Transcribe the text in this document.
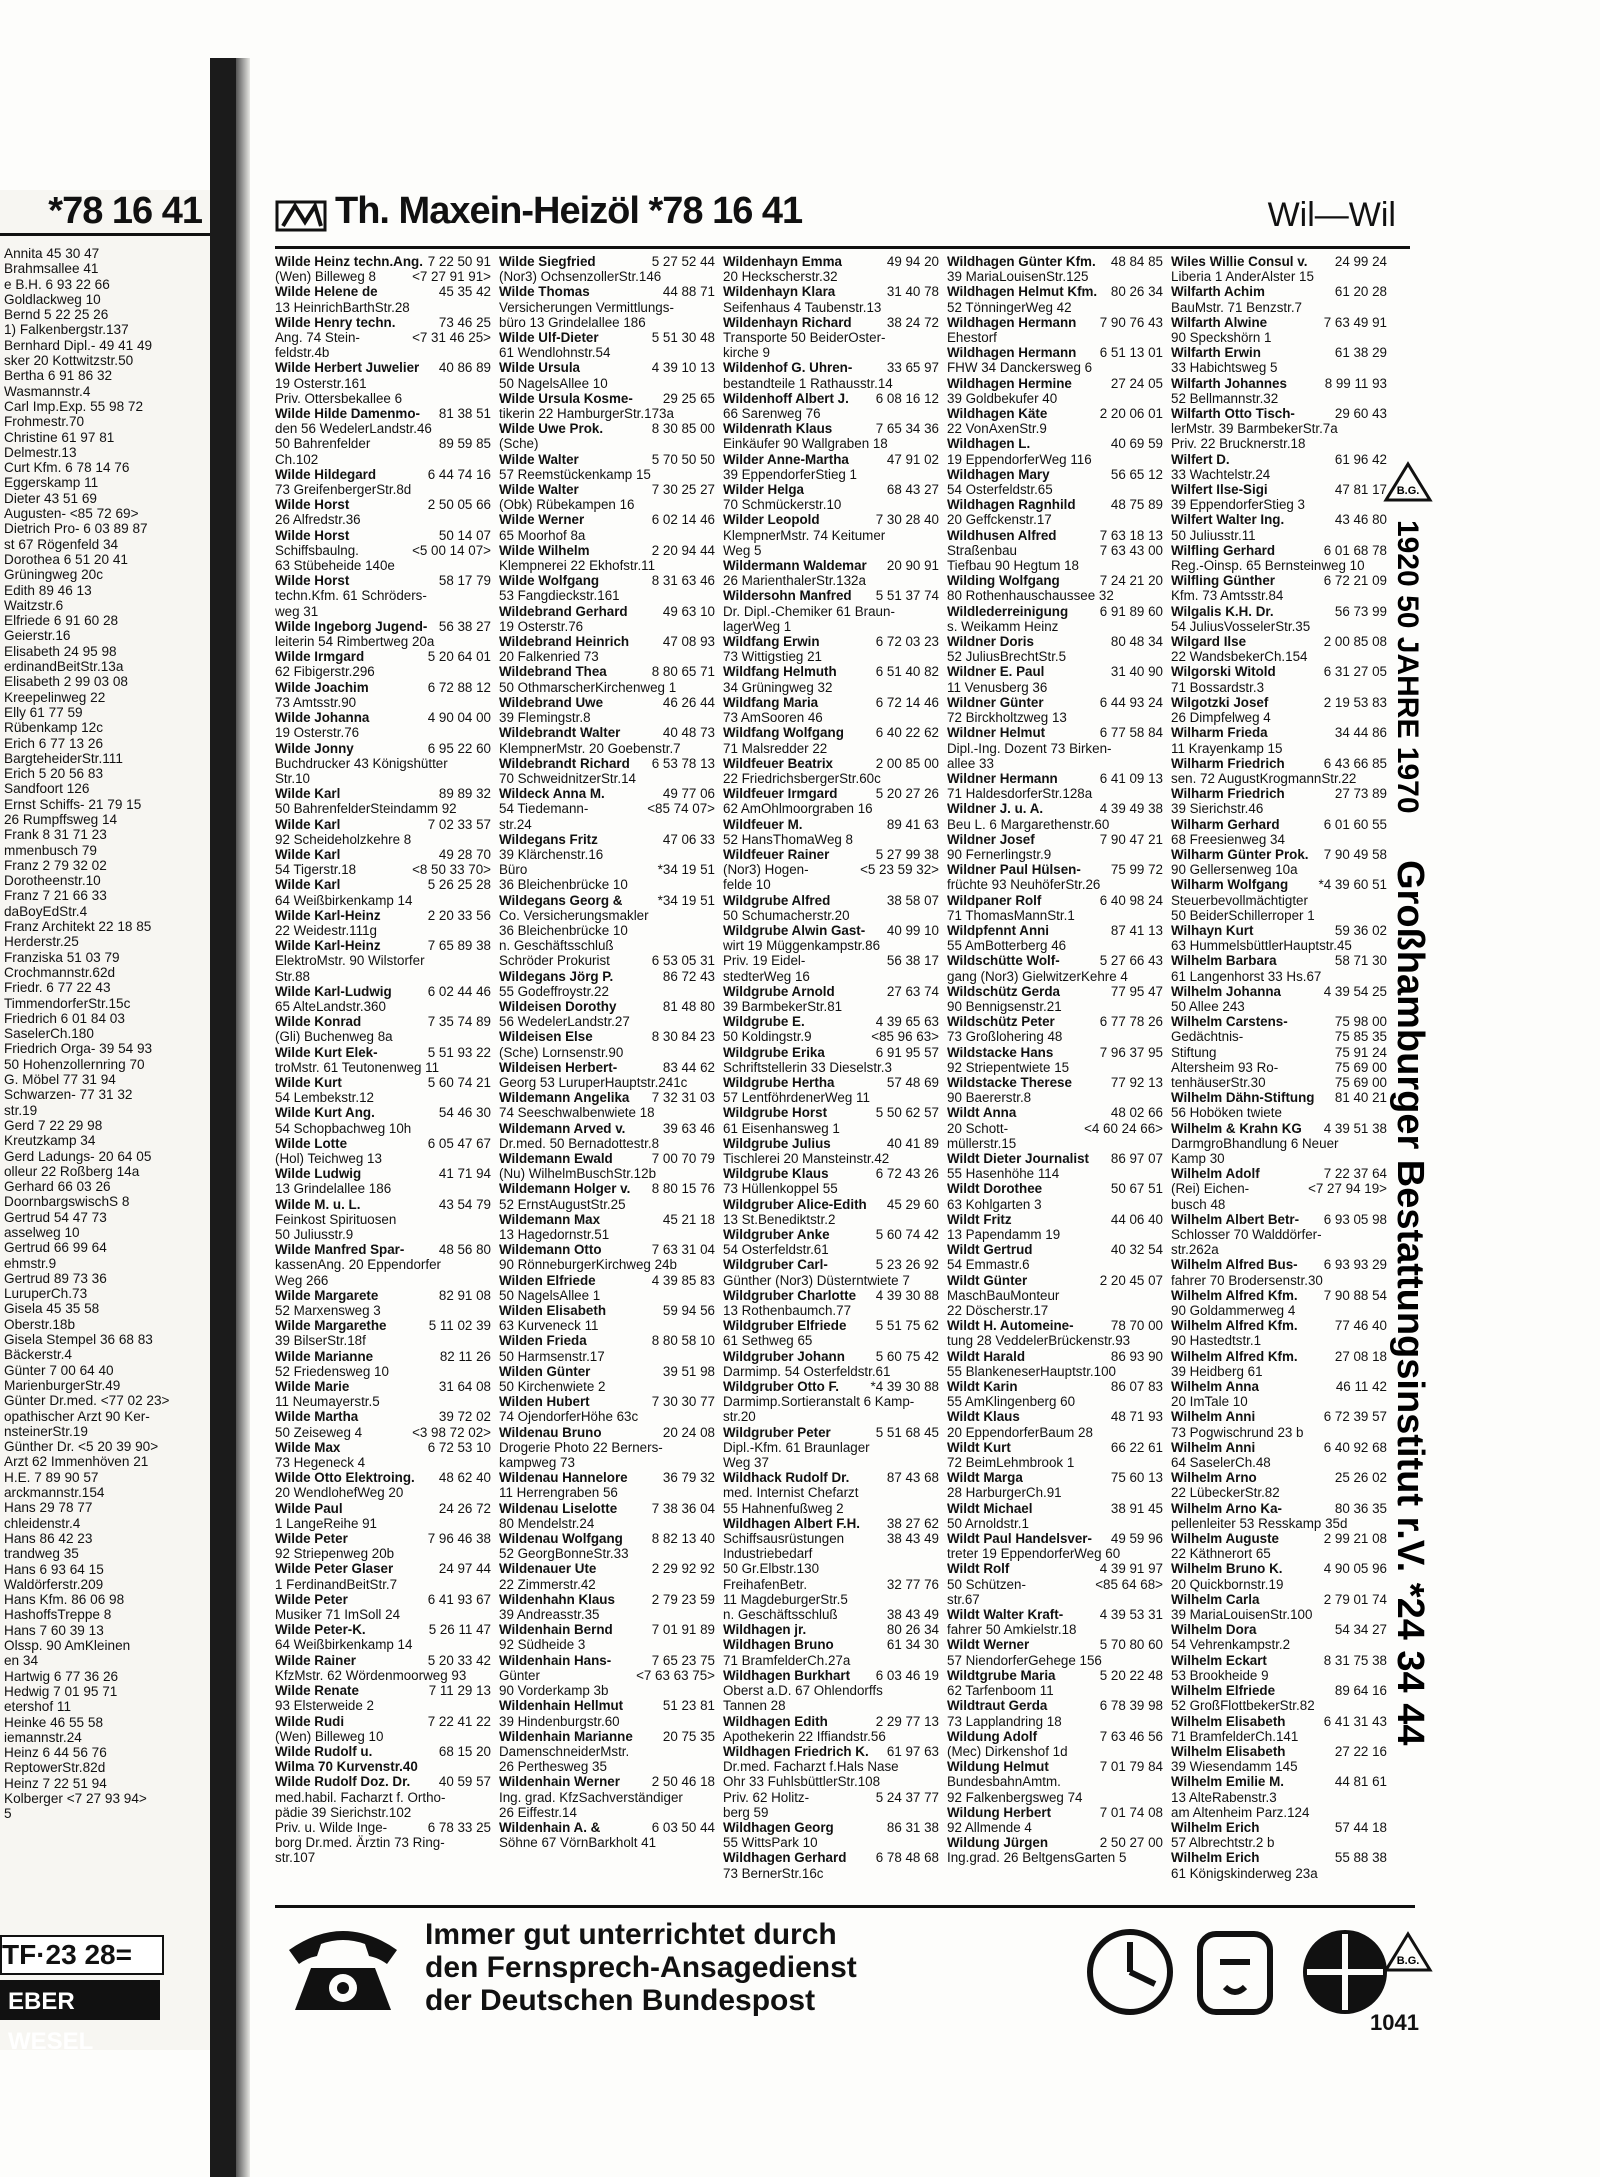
*78 16 41
Annita 45 30 47
Brahmsallee 41
e B.H. 6 93 22 66
Goldlackweg 10
Bernd 5 22 25 26
1) Falkenbergstr.137
Bernhard Dipl.- 49 41 49
sker 20 Kottwitzstr.50
Bertha 6 91 86 32
Wasmannstr.4
Carl Imp.Exp. 55 98 72
Frohmestr.70
Christine 61 97 81
Delmestr.13
Curt Kfm. 6 78 14 76
Eggerskamp 11
Dieter 43 51 69
Augusten- <85 72 69>
Dietrich Pro- 6 03 89 87
st 67 Rögenfeld 34
Dorothea 6 51 20 41
Grüningweg 20c
Edith 89 46 13
Waitzstr.6
Elfriede 6 91 60 28
Geierstr.16
Elisabeth 24 95 98
erdinandBeitStr.13a
Elisabeth 2 99 03 08
Kreepelinweg 22
Elly 61 77 59
Rübenkamp 12c
Erich 6 77 13 26
BargteheiderStr.111
Erich 5 20 56 83
Sandfoort 126
Ernst Schiffs- 21 79 15
26 Rumpffsweg 14
Frank 8 31 71 23
mmenbusch 79
Franz 2 79 32 02
Dorotheenstr.10
Franz 7 21 66 33
daBoyEdStr.4
Franz Architekt 22 18 85
Herderstr.25
Franziska 51 03 79
Crochmannstr.62d
Friedr. 6 77 22 43
TimmendorferStr.15c
Friedrich 6 01 84 03
SaselerCh.180
Friedrich Orga- 39 54 93
50 Hohenzollernring 70
G. Möbel 77 31 94
Schwarzen- 77 31 32
str.19
Gerd 7 22 29 98
Kreutzkamp 34
Gerd Ladungs- 20 64 05
olleur 22 Roßberg 14a
Gerhard 66 03 26
DoornbargswischS 8
Gertrud 54 47 73
asselweg 10
Gertrud 66 99 64
ehmstr.9
Gertrud 89 73 36
LuruperCh.73
Gisela 45 35 58
Oberstr.18b
Gisela Stempel 36 68 83
Bäckerstr.4
Günter 7 00 64 40
MarienburgerStr.49
Günter Dr.med. <77 02 23>
opathischer Arzt 90 Ker-
nsteinerStr.19
Günther Dr. <5 20 39 90>
Arzt 62 Immenhöven 21
H.E. 7 89 90 57
arckmannstr.154
Hans 29 78 77
chleidenstr.4
Hans 86 42 23
trandweg 35
Hans 6 93 64 15
Waldörferstr.209
Hans Kfm. 86 06 98
HashoffsTreppe 8
Hans 7 60 39 13
Olssp. 90 AmKleinen
en 34
Hartwig 6 77 36 26
Hedwig 7 01 95 71
etershof 11
Heinke 46 55 58
iemannstr.24
Heinz 6 44 56 76
ReptowerStr.82d
Heinz 7 22 51 94
Kolberger <7 27 93 94>
5
TF·23 28=
EBER WESEL
Th. Maxein-Heizöl *78 16 41	Wil—Wil
Wilde Heinz techn.Ang. 7 22 50 91
(Wen) Billeweg 8	<7 27 91 91>
Wilde Helene de	45 35 42
13 HeinrichBarthStr.28
Wilde Henry techn.	73 46 25
Ang. 74 Stein-	<7 31 46 25>
feldstr.4b
Wilde Herbert Juwelier 40 86 89
19 Osterstr.161
Priv. Ottersbekallee 6
Wilde Hilde Damenmo- 81 38 51
den 56 WedelerLandstr.46
50 Bahrenfelder	89 59 85
Ch.102
Wilde Hildegard	6 44 74 16
73 GreifenbergerStr.8d
Wilde Horst	2 50 05 66
26 Alfredstr.36
Wilde Horst	50 14 07
Schiffsbaulng.	<5 00 14 07>
63 Stübeheide 140e
Wilde Horst	58 17 79
techn.Kfm. 61 Schröders-
weg 31
Wilde Ingeborg Jugend- 56 38 27
leiterin 54 Rimbertweg 20a
Wilde Irmgard	5 20 64 01
62 Fibigerstr.296
Wilde Joachim	6 72 88 12
73 Amtsstr.90
Wilde Johanna	4 90 04 00
19 Osterstr.76
Wilde Jonny	6 95 22 60
Buchdrucker 43 Königshütter
Str.10
Wilde Karl	89 89 32
50 BahrenfelderSteindamm 92
Wilde Karl	7 02 33 57
92 Scheideholzkehre 8
Wilde Karl	49 28 70
54 Tigerstr.18	<8 50 33 70>
Wilde Karl	5 26 25 28
64 Weißbirkenkamp 14
Wilde Karl-Heinz	2 20 33 56
22 Weidestr.111g
Wilde Karl-Heinz	7 65 89 38
ElektroMstr. 90 Wilstorfer
Str.88
Wilde Karl-Ludwig	6 02 44 46
65 AlteLandstr.360
Wilde Konrad	7 35 74 89
(Gli) Buchenweg 8a
Wilde Kurt Elek-	5 51 93 22
troMstr. 61 Teutonenweg 11
Wilde Kurt	5 60 74 21
54 Lembekstr.12
Wilde Kurt Ang.	54 46 30
54 Schopbachweg 10h
Wilde Lotte	6 05 47 67
(Hol) Teichweg 13
Wilde Ludwig	41 71 94
13 Grindelallee 186
Wilde M. u. L.	43 54 79
Feinkost Spirituosen
50 Juliusstr.9
Wilde Manfred Spar-	48 56 80
kassenAng. 20 Eppendorfer
Weg 266
Wilde Margarete	82 91 08
52 Marxensweg 3
Wilde Margarethe	5 11 02 39
39 BilserStr.18f
Wilde Marianne	82 11 26
52 Friedensweg 10
Wilde Marie	31 64 08
11 Neumayerstr.5
Wilde Martha	39 72 02
50 Zeiseweg 4	<3 98 72 02>
Wilde Max	6 72 53 10
73 Hegeneck 4
Wilde Otto Elektroing. 48 62 40
20 WendlohefWeg 20
Wilde Paul	24 26 72
1 LangeReihe 91
Wilde Peter	7 96 46 38
92 Striepenweg 20b
Wilde Peter Glaser	24 97 44
1 FerdinandBeitStr.7
Wilde Peter	6 41 93 67
Musiker 71 ImSoll 24
Wilde Peter-K.	5 26 11 47
64 Weißbirkenkamp 14
Wilde Rainer	5 20 33 42
KfzMstr. 62 Wördenmoorweg 93
Wilde Renate	7 11 29 13
93 Elsterweide 2
Wilde Rudi	7 22 41 22
(Wen) Billeweg 10
Wilde Rudolf u.	68 15 20
Wilma 70 Kurvenstr.40
Wilde Rudolf Doz. Dr. 40 59 57
med.habil. Facharzt f. Ortho-
pädie 39 Sierichstr.102
Priv. u. Wilde Inge-	6 78 33 25
borg Dr.med. Ärztin 73 Ring-
str.107
Wilde Siegfried	5 27 52 44
(Nor3) OchsenzollerStr.146
Wilde Thomas	44 88 71
Versicherungen Vermittlungs-
büro 13 Grindelallee 186
Wilde Ulf-Dieter	5 51 30 48
61 Wendlohnstr.54
Wilde Ursula	4 39 10 13
50 NagelsAllee 10
Wilde Ursula Kosme- 29 25 65
tikerin 22 HamburgerStr.173a
Wilde Uwe Prok.	8 30 85 00
(Sche)
Wilde Walter	5 70 50 50
57 Reemstückenkamp 15
Wilde Walter	7 30 25 27
(Obk) Rübekampen 16
Wilde Werner	6 02 14 46
65 Moorhof 8a
Wilde Wilhelm	2 20 94 44
Klempnerei 22 Ekhofstr.11
Wilde Wolfgang	8 31 63 46
53 Fangdieckstr.161
Wildebrand Gerhard	49 63 10
19 Osterstr.76
Wildebrand Heinrich	47 08 93
20 Falkenried 73
Wildebrand Thea	8 80 65 71
50 OthmarscherKirchenweg 1
Wildebrand Uwe	46 26 44
39 Flemingstr.8
Wildebrandt Walter	40 48 73
KlempnerMstr. 20 Goebenstr.7
Wildebrandt Richard 6 53 78 13
70 SchweidnitzerStr.14
Wildeck Anna M.	49 77 06
54 Tiedemann-	<85 74 07>
str.24
Wildegans Fritz	47 06 33
39 Klärchenstr.16
Büro	*34 19 51
36 Bleichenbrücke 10
Wildegans Georg &	*34 19 51
Co. Versicherungsmakler
36 Bleichenbrücke 10
n. Geschäftsschluß
Schröder Prokurist	6 53 05 31
Wildegans Jörg P.	86 72 43
55 Godeffroystr.22
Wildeisen Dorothy	81 48 80
56 WedelerLandstr.27
Wildeisen Else	8 30 84 23
(Sche) Lornsenstr.90
Wildeisen Herbert-	83 44 62
Georg 53 LuruperHauptstr.241c
Wildemann Angelika 7 32 31 03
74 Seeschwalbenwiete 18
Wildemann Arved v.	39 63 46
Dr.med. 50 Bernadottestr.8
Wildemann Ewald	7 00 70 79
(Nu) WilhelmBuschStr.12b
Wildemann Holger v. 8 80 15 76
52 ErnstAugustStr.25
Wildemann Max	45 21 18
13 Hagedornstr.51
Wildemann Otto	7 63 31 04
90 RönneburgerKirchweg 24b
Wilden Elfriede	4 39 85 83
50 NagelsAllee 1
Wilden Elisabeth	59 94 56
63 Kurveneck 11
Wilden Frieda	8 80 58 10
50 Harmsenstr.17
Wilden Günter	39 51 98
50 Kirchenwiete 2
Wilden Hubert	7 30 30 77
74 OjendorferHöhe 63c
Wildenau Bruno	20 24 08
Drogerie Photo 22 Berners-
kampweg 73
Wildenau Hannelore	36 79 32
11 Herrengraben 56
Wildenau Liselotte	7 38 36 04
80 Mendelstr.24
Wildenau Wolfgang 8 82 13 40
52 GeorgBonneStr.33
Wildenauer Ute	2 29 92 92
22 Zimmerstr.42
Wildenhahn Klaus	2 79 23 59
39 Andreasstr.35
Wildenhain Bernd	7 01 91 89
92 Südheide 3
Wildenhain Hans-	7 65 23 75
Günter	<7 63 63 75>
90 Vorderkamp 3b
Wildenhain Hellmut	51 23 81
39 Hindenburgstr.60
Wildenhain Marianne 20 75 35
DamenschneiderMstr.
26 Perthesweg 35
Wildenhain Werner 2 50 46 18
Ing. grad. KfzSachverständiger
26 Eiffestr.14
Wildenhain A. &	6 03 50 44
Söhne 67 VörnBarkholt 41
Wildenhayn Emma	49 94 20
20 Heckscherstr.32
Wildenhayn Klara	31 40 78
Seifenhaus 4 Taubenstr.13
Wildenhayn Richard	38 24 72
Transporte 50 BeiderOster-
kirche 9
Wildenhof G. Uhren-	33 65 97
bestandteile 1 Rathausstr.14
Wildenhoff Albert J. 6 08 16 12
66 Sarenweg 76
Wildenrath Klaus	7 65 34 36
Einkäufer 90 Wallgraben 18
Wilder Anne-Martha	47 91 02
39 EppendorferStieg 1
Wilder Helga	68 43 27
70 Schmückerstr.10
Wilder Leopold	7 30 28 40
KlempnerMstr. 74 Keitumer
Weg 5
Wildermann Waldemar 20 90 91
26 MarienthalerStr.132a
Wildersohn Manfred 5 51 37 74
Dr. Dipl.-Chemiker 61 Braun-
lagerWeg 1
Wildfang Erwin	6 72 03 23
73 Wittigstieg 21
Wildfang Helmuth	6 51 40 82
34 Grüningweg 32
Wildfang Maria	6 72 14 46
73 AmSooren 46
Wildfang Wolfgang 6 40 22 62
71 Malsredder 22
Wildfeuer Beatrix	2 00 85 00
22 FriedrichsbergerStr.60c
Wildfeuer Irmgard	5 20 27 26
62 AmOhlmoorgraben 16
Wildfeuer M.	89 41 63
52 HansThomaWeg 8
Wildfeuer Rainer	5 27 99 38
(Nor3) Hogen-	<5 23 59 32>
felde 10
Wildgrube Alfred	38 58 07
50 Schumacherstr.20
Wildgrube Alwin Gast- 40 99 10
wirt 19 Müggenkampstr.86
Priv. 19 Eidel-	56 38 17
stedterWeg 16
Wildgrube Arnold	27 63 74
39 BarmbekerStr.81
Wildgrube E.	4 39 65 63
50 Koldingstr.9	<85 96 63>
Wildgrube Erika	6 91 95 57
Schriftstellerin 33 Dieselstr.3
Wildgrube Hertha	57 48 69
57 LentföhrdenerWeg 11
Wildgrube Horst	5 50 62 57
61 Eisenhansweg 1
Wildgrube Julius	40 41 89
Tischlerei 20 Mansteinstr.42
Wildgrube Klaus	6 72 43 26
73 Hüllenkoppel 55
Wildgruber Alice-Edith 45 29 60
13 St.Benediktstr.2
Wildgruber Anke	5 60 74 42
54 Osterfeldstr.61
Wildgruber Carl-	5 23 26 92
Günther (Nor3) Düsterntwiete 7
Wildgruber Charlotte 4 39 30 88
13 Rothenbaumch.77
Wildgruber Elfriede 5 51 75 62
61 Sethweg 65
Wildgruber Johann 5 60 75 42
Darmimp. 54 Osterfeldstr.61
Wildgruber Otto F. *4 39 30 88
Darmimp.Sortieranstalt 6 Kamp-
str.20
Wildgruber Peter	5 51 68 45
Dipl.-Kfm. 61 Braunlager
Weg 37
Wildhack Rudolf Dr.	87 43 68
med. Internist Chefarzt
55 Hahnenfußweg 2
Wildhagen Albert F.H. 38 27 62
Schiffsausrüstungen	38 43 49
Industriebedarf
50 Gr.Elbstr.130
FreihafenBetr.	32 77 76
11 MagdeburgerStr.5
n. Geschäftsschluß	38 43 49
Wildhagen jr.	80 26 34
Wildhagen Bruno	61 34 30
71 BramfelderCh.27a
Wildhagen Burkhart 6 03 46 19
Oberst a.D. 67 Ohlendorffs
Tannen 28
Wildhagen Edith	2 29 77 13
Apothekerin 22 Iffiandstr.56
Wildhagen Friedrich K. 61 97 63
Dr.med. Facharzt f.Hals Nase
Ohr 33 FuhlsbüttlerStr.108
Priv. 62 Holitz-	5 24 37 77
berg 59
Wildhagen Georg	86 31 38
55 WittsPark 10
Wildhagen Gerhard 6 78 48 68
73 BernerStr.16c
Wildhagen Günter Kfm. 48 84 85
39 MariaLouisenStr.125
Wildhagen Helmut Kfm. 80 26 34
52 TönningerWeg 42
Wildhagen Hermann 7 90 76 43
Ehestorf
Wildhagen Hermann 6 51 13 01
FHW 34 Danckersweg 6
Wildhagen Hermine	27 24 05
39 Goldbekufer 40
Wildhagen Käte	2 20 06 01
22 VonAxenStr.9
Wildhagen L.	40 69 59
19 EppendorferWeg 116
Wildhagen Mary	56 65 12
54 Osterfeldstr.65
Wildhagen Ragnhild	48 75 89
20 Geffckenstr.17
Wildhusen Alfred	7 63 18 13
Straßenbau	7 63 43 00
Tiefbau 90 Hegtum 18
Wilding Wolfgang	7 24 21 20
80 Rothenhauschaussee 32
Wildlederreinigung 6 91 89 60
s. Weikamm Heinz
Wildner Doris	80 48 34
52 JuliusBrechtStr.5
Wildner E. Paul	31 40 90
11 Venusberg 36
Wildner Günter	6 44 93 24
72 Birckholtzweg 13
Wildner Helmut	6 77 58 84
Dipl.-Ing. Dozent 73 Birken-
allee 33
Wildner Hermann	6 41 09 13
71 HaldesdorferStr.128a
Wildner J. u. A.	4 39 49 38
Beu L. 6 Margarethenstr.60
Wildner Josef	7 90 47 21
90 Fernerlingstr.9
Wildner Paul Hülsen- 75 99 72
früchte 93 NeuhöferStr.26
Wildpaner Rolf	6 40 98 24
71 ThomasMannStr.1
Wildpfennt Anni	87 41 13
55 AmBotterberg 46
Wildschütte Wolf-	5 27 66 43
gang (Nor3) GielwitzerKehre 4
Wildschütz Gerda	77 95 47
90 Bennigsenstr.21
Wildschütz Peter	6 77 78 26
73 Großlohering 48
Wildstacke Hans	7 96 37 95
92 Striepentwiete 15
Wildstacke Therese	77 92 13
90 Baererstr.8
Wildt Anna	48 02 66
20 Schott-	<4 60 24 66>
müllerstr.15
Wildt Dieter Journalist 86 97 07
55 Hasenhöhe 114
Wildt Dorothee	50 67 51
63 Kohlgarten 3
Wildt Fritz	44 06 40
13 Papendamm 19
Wildt Gertrud	40 32 54
54 Emmastr.6
Wildt Günter	2 20 45 07
MaschBauMonteur
22 Döscherstr.17
Wildt H. Automeine-	78 70 00
tung 28 VeddelerBrückenstr.93
Wildt Harald	86 93 90
55 BlankeneserHauptstr.100
Wildt Karin	86 07 83
55 AmKlingenberg 60
Wildt Klaus	48 71 93
20 EppendorferBaum 28
Wildt Kurt	66 22 61
72 BeimLehmbrook 1
Wildt Marga	75 60 13
28 HarburgerCh.91
Wildt Michael	38 91 45
50 Arnoldstr.1
Wildt Paul Handelsver- 49 59 96
treter 19 EppendorferWeg 60
Wildt Rolf	4 39 91 97
50 Schützen-	<85 64 68>
str.67
Wildt Walter Kraft-	4 39 53 31
fahrer 50 Amkielstr.18
Wildt Werner	5 70 80 60
57 NiendorferGehege 156
Wildtgrube Maria	5 20 22 48
62 Tarfenboom 11
Wildtraut Gerda	6 78 39 98
73 Lapplandring 18
Wildung Adolf	7 63 46 56
(Mec) Dirkenshof 1d
Wildung Helmut	7 01 79 84
BundesbahnAmtm.
92 Falkenbergsweg 74
Wildung Herbert	7 01 74 08
92 Allmende 4
Wildung Jürgen	2 50 27 00
Ing.grad. 26 BeltgensGarten 5
Wiles Willie Consul v. 24 99 24
Liberia 1 AnderAlster 15
Wilfarth Achim	61 20 28
BauMstr. 71 Benzstr.7
Wilfarth Alwine	7 63 49 91
90 Speckshörn 1
Wilfarth Erwin	61 38 29
33 Habichtsweg 5
Wilfarth Johannes	8 99 11 93
52 Bellmannstr.32
Wilfarth Otto Tisch-	29 60 43
lerMstr. 39 BarmbekerStr.7a
Priv. 22 Brucknerstr.18
Wilfert D.	61 96 42
33 Wachtelstr.24
Wilfert Ilse-Sigi	47 81 17
39 EppendorferStieg 3
Wilfert Walter Ing.	43 46 80
50 Juliusstr.11
Wilfling Gerhard	6 01 68 78
Reg.-Oinsp. 65 Bernsteinweg 10
Wilfling Günther	6 72 21 09
Kfm. 73 Amtsstr.84
Wilgalis K.H. Dr.	56 73 99
54 JuliusVosselerStr.35
Wilgard Ilse	2 00 85 08
22 WandsbekerCh.154
Wilgorski Witold	6 31 27 05
71 Bossardstr.3
Wilgotzki Josef	2 19 53 83
26 Dimpfelweg 4
Wilharm Frieda	34 44 86
11 Krayenkamp 15
Wilharm Friedrich	6 43 66 85
sen. 72 AugustKrogmannStr.22
Wilharm Friedrich	27 73 89
39 Sierichstr.46
Wilharm Gerhard	6 01 60 55
68 Freesienweg 34
Wilharm Günter Prok. 7 90 49 58
90 Gellersenweg 10a
Wilharm Wolfgang *4 39 60 51
Steuerbevollmächtigter
50 BeiderSchillerroper 1
Wilhayn Kurt	59 36 02
63 HummelsbüttlerHauptstr.45
Wilhelm Barbara	58 71 30
61 Langenhorst 33 Hs.67
Wilhelm Johanna	4 39 54 25
50 Allee 243
Wilhelm Carstens-	75 98 00
Gedächtnis-	75 85 35
Stiftung	75 91 24
Altersheim 93 Ro-	75 69 00
tenhäuserStr.30	75 69 00
Wilhelm Dähn-Stiftung 81 40 21
56 Hoböken twiete
Wilhelm & Krahn KG 4 39 51 38
DarmgroBhandlung 6 Neuer
Kamp 30
Wilhelm Adolf	7 22 37 64
(Rei) Eichen-	<7 27 94 19>
busch 48
Wilhelm Albert Betr- 6 93 05 98
Schlosser 70 Walddörfer-
str.262a
Wilhelm Alfred Bus- 6 93 93 29
fahrer 70 Brodersenstr.30
Wilhelm Alfred Kfm. 7 90 88 54
90 Goldammerweg 4
Wilhelm Alfred Kfm.	77 46 40
90 Hastedtstr.1
Wilhelm Alfred Kfm.	27 08 18
39 Heidberg 61
Wilhelm Anna	46 11 42
20 ImTale 10
Wilhelm Anni	6 72 39 57
73 Pogwischrund 23 b
Wilhelm Anni	6 40 92 68
64 SaselerCh.48
Wilhelm Arno	25 26 02
22 LübeckerStr.82
Wilhelm Arno Ka-	80 36 35
pellenleiter 53 Resskamp 35d
Wilhelm Auguste	2 99 21 08
22 Käthnerort 65
Wilhelm Bruno K.	4 90 05 96
20 Quickbornstr.19
Wilhelm Carla	2 79 01 74
39 MariaLouisenStr.100
Wilhelm Dora	54 34 27
54 Vehrenkampstr.2
Wilhelm Eckart	8 31 75 38
53 Brookheide 9
Wilhelm Elfriede	89 64 16
52 GroßFlottbekerStr.82
Wilhelm Elisabeth	6 41 31 43
71 BramfelderCh.141
Wilhelm Elisabeth	27 22 16
39 Wiesendamm 145
Wilhelm Emilie M.	44 81 61
13 AlteRabenstr.3
am Altenheim Parz.124
Wilhelm Erich	57 44 18
57 Albrechtstr.2 b
Wilhelm Erich	55 88 38
61 Königskinderweg 23a
B.G.
1920 50 JAHRE 1970
Großhamburger Bestattungsinstitut r.V. *24 34 44
B.G.
Immer gut unterrichtet durch
den Fernsprech-Ansagedienst
der Deutschen Bundespost
1041
